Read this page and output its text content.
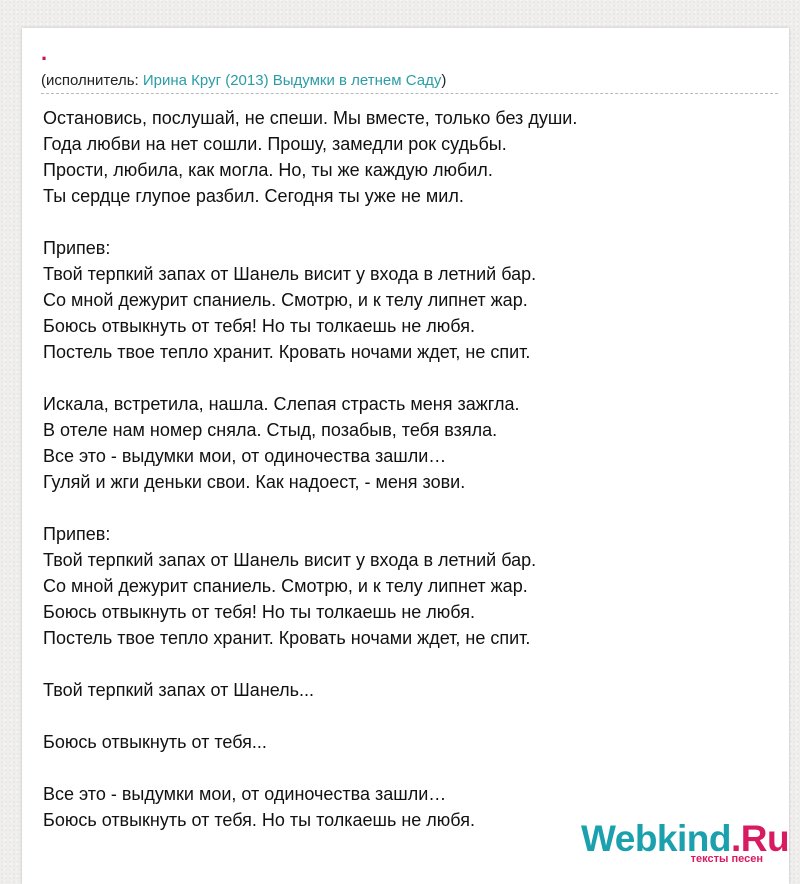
.
(исполнитель: Ирина Круг (2013) Выдумки в летнем Саду)
Остановись, послушай, не спеши. Мы вместе, только без души.
Года любви на нет сошли. Прошу, замедли рок судьбы.
Прости, любила, как могла. Но, ты же каждую любил.
Ты сердце глупое разбил. Сегодня ты уже не мил.
Припев:
Твой терпкий запах от Шанель висит у входа в летний бар.
Со мной дежурит спаниель. Смотрю, и к телу липнет жар.
Боюсь отвыкнуть от тебя! Но ты толкаешь не любя.
Постель твое тепло хранит. Кровать ночами ждет, не спит.
Искала, встретила, нашла. Слепая страсть меня зажгла.
В отеле нам номер сняла. Стыд, позабыв, тебя взяла.
Все это - выдумки мои, от одиночества зашли…
Гуляй и жги деньки свои. Как надоест, - меня зови.
Припев:
Твой терпкий запах от Шанель висит у входа в летний бар.
Со мной дежурит спаниель. Смотрю, и к телу липнет жар.
Боюсь отвыкнуть от тебя! Но ты толкаешь не любя.
Постель твое тепло хранит. Кровать ночами ждет, не спит.
Твой терпкий запах от Шанель...
Боюсь отвыкнуть от тебя...
Все это - выдумки мои, от одиночества зашли…
Боюсь отвыкнуть от тебя. Но ты толкаешь не любя.	Webkind.Ru
тексты песен
